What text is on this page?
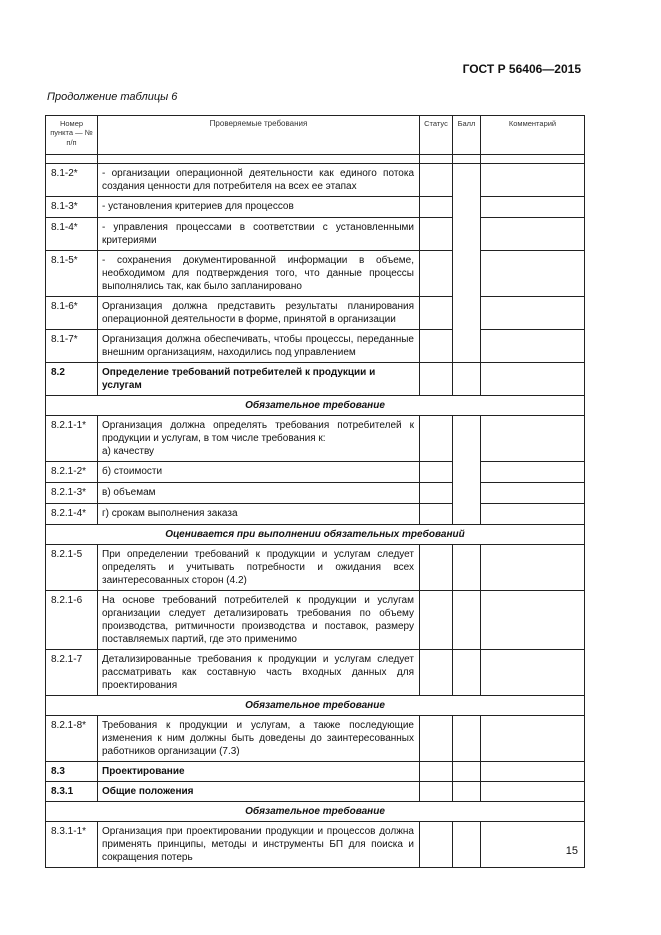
ГОСТ Р 56406—2015
Продолжение таблицы 6
Номер пункта — № п/п	Проверяемые требования	Статус	Балл	Комментарий

8.1-2*	- организации операционной деятельности как единого потока создания ценности для потребителя на всех ее этапах			
8.1-3*	- установления критериев для процессов			
8.1-4*	- управления процессами в соответствии с установленными критериями			
8.1-5*	- сохранения документированной информации в объеме, необходимом для подтверждения того, что данные процессы выполнялись так, как было запланировано			
8.1-6*	Организация должна представить результаты планирования операционной деятельности в форме, принятой в организации			
8.1-7*	Организация должна обеспечивать, чтобы процессы, переданные внешним организациям, находились под управлением			
8.2	Определение требований потребителей к продукции и услугам			
Обязательное требование				
8.2.1-1*	Организация должна определять требования потребителей к продукции и услугам, в том числе требования к:
а) качеству			
8.2.1-2*	б) стоимости			
8.2.1-3*	в) объемам			
8.2.1-4*	г) срокам выполнения заказа			
Оценивается при выполнении обязательных требований				
8.2.1-5	При определении требований к продукции и услугам следует определять и учитывать потребности и ожидания всех заинтересованных сторон (4.2)			
8.2.1-6	На основе требований потребителей к продукции и услугам организации следует детализировать требования по объему производства, ритмичности производства и поставок, размеру поставляемых партий, где это применимо			
8.2.1-7	Детализированные требования к продукции и услугам следует рассматривать как составную часть входных данных для проектирования			
Обязательное требование				
8.2.1-8*	Требования к продукции и услугам, а также последующие изменения к ним должны быть доведены до заинтересованных работников организации (7.3)			
8.3	Проектирование			
8.3.1	Общие положения			
Обязательное требование				
8.3.1-1*	Организация при проектировании продукции и процессов должна применять принципы, методы и инструменты БП для поиска и сокращения потерь			
15
